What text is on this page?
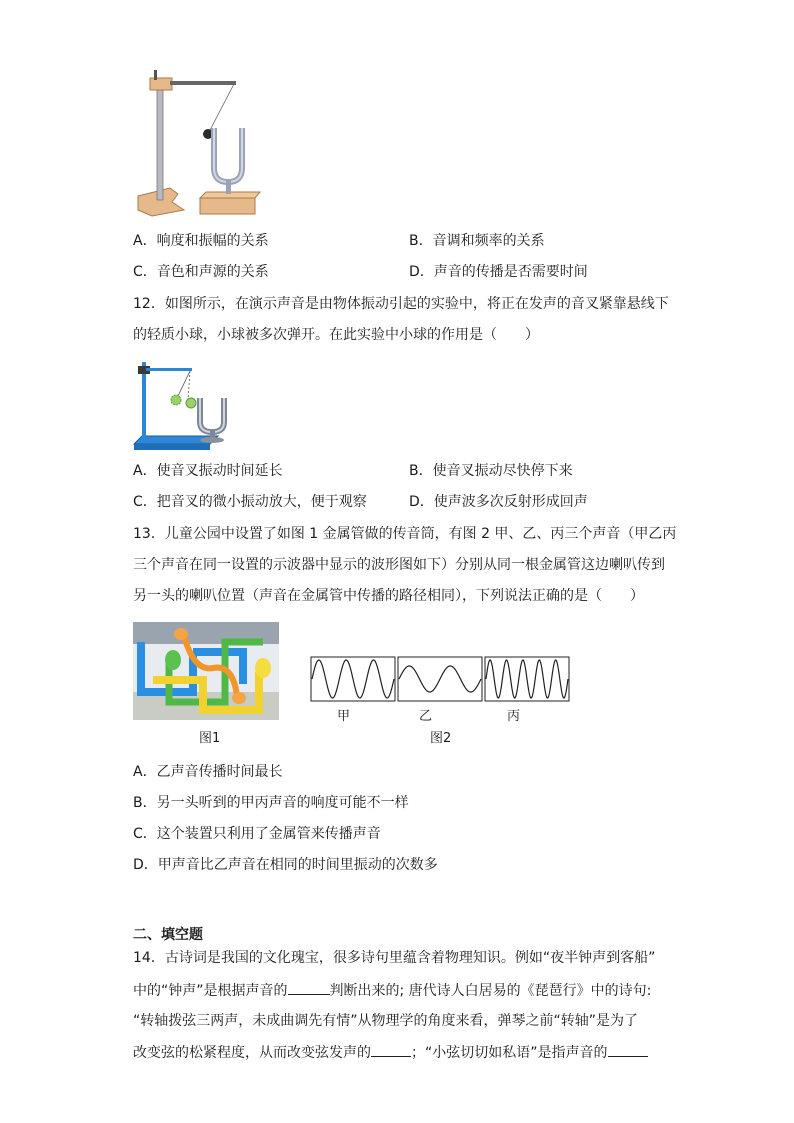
A．响度和振幅的关系	B．音调和频率的关系
C．音色和声源的关系	D．声音的传播是否需要时间
12．如图所示，在演示声音是由物体振动引起的实验中，将正在发声的音叉紧靠悬线下
的轻质小球，小球被多次弹开。在此实验中小球的作用是（　　）
A．使音叉振动时间延长	B．使音叉振动尽快停下来
C．把音叉的微小振动放大，便于观察	D．使声波多次反射形成回声
13．儿童公园中设置了如图 1 金属管做的传音筒，有图 2 甲、乙、丙三个声音（甲乙丙
三个声音在同一设置的示波器中显示的波形图如下）分别从同一根金属管这边喇叭传到
另一头的喇叭位置（声音在金属管中传播的路径相同），下列说法正确的是（　　）
图1
甲	乙	丙
图2
A．乙声音传播时间最长
B．另一头听到的甲丙声音的响度可能不一样
C．这个装置只利用了金属管来传播声音
D．甲声音比乙声音在相同的时间里振动的次数多
二、填空题
14．古诗词是我国的文化瑰宝，很多诗句里蕴含着物理知识。例如“夜半钟声到客船”
中的“钟声”是根据声音的	判断出来的; 唐代诗人白居易的《琵琶行》中的诗句:
“转轴拨弦三两声，未成曲调先有情”从物理学的角度来看，弹琴之前“转轴”是为了
改变弦的松紧程度，从而改变弦发声的	；“小弦切切如私语”是指声音的
